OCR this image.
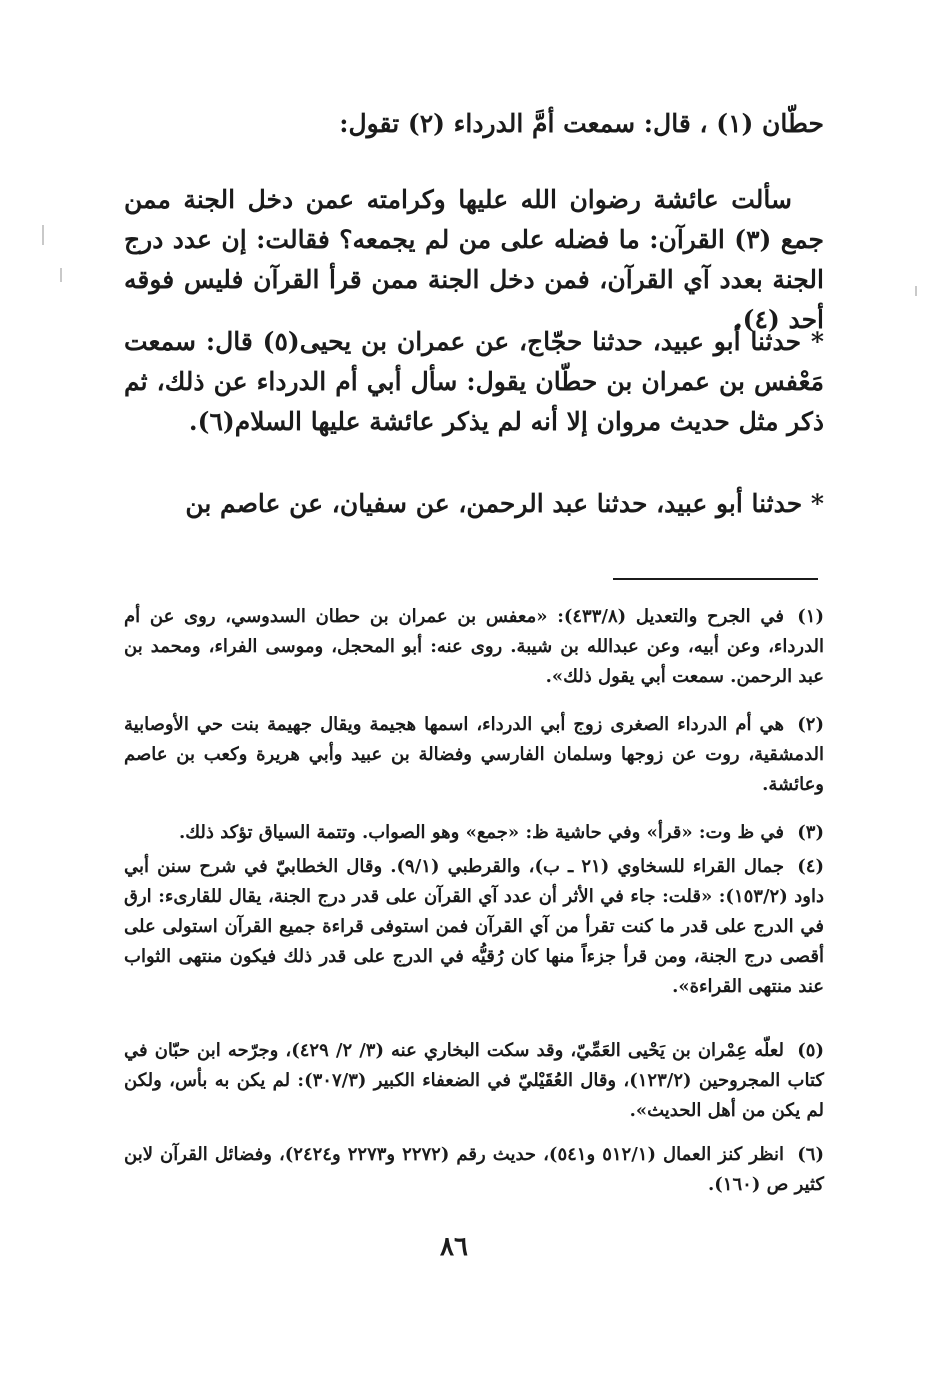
حطّان (١) ، قال: سمعت أمَّ الدرداء (٢) تقول:

سألت عائشة رضوان الله عليها وكرامته عمن دخل الجنة ممن جمع (٣) القرآن: ما فضله على من لم يجمعه؟ فقالت: إن عدد درج الجنة بعدد آي القرآن، فمن دخل الجنة ممن قرأ القرآن فليس فوقه أحد (٤).

* حدثنا أبو عبيد، حدثنا حجّاج، عن عمران بن يحيى(٥) قال: سمعت مَعْفس بن عمران بن حطّان يقول: سأل أبي أم الدرداء عن ذلك، ثم ذكر مثل حديث مروان إلا أنه لم يذكر عائشة عليها السلام(٦).

* حدثنا أبو عبيد، حدثنا عبد الرحمن، عن سفيان، عن عاصم بن

(١)في الجرح والتعديل (٤٣٣/٨): «معفس بن عمران بن حطان السدوسي، روى عن أم الدرداء، وعن أبيه، وعن عبدالله بن شيبة. روى عنه: أبو المحجل، وموسى الفراء، ومحمد بن عبد الرحمن. سمعت أبي يقول ذلك».
(٢)هي أم الدرداء الصغرى زوج أبي الدرداء، اسمها هجيمة ويقال جهيمة بنت حي الأوصابية الدمشقية، روت عن زوجها وسلمان الفارسي وفضالة بن عبيد وأبي هريرة وكعب بن عاصم وعائشة.
(٣)في ظ وت: «قرأ» وفي حاشية ظ: «جمع» وهو الصواب. وتتمة السياق تؤكد ذلك.
(٤)جمال القراء للسخاوي (٢١ ـ ب)، والقرطبي (٩/١). وقال الخطابيّ في شرح سنن أبي داود (١٥٣/٢): «قلت: جاء في الأثر أن عدد آي القرآن على قدر درج الجنة، يقال للقارىء: ارق في الدرج على قدر ما كنت تقرأ من آي القرآن فمن استوفى قراءة جميع القرآن استولى على أقصى درج الجنة، ومن قرأ جزءاً منها كان رُقيُّه في الدرج على قدر ذلك فيكون منتهى الثواب عند منتهى القراءة».
(٥)لعلّه عِمْران بن يَحْيى العَمِّيّ، وقد سكت البخاري عنه (٣/ ٢/ ٤٢٩)، وجرّحه ابن حبّان في كتاب المجروحين (١٢٣/٢)، وقال العُقَيْليّ في الضعفاء الكبير (٣٠٧/٣): لم يكن به بأس، ولكن لم يكن من أهل الحديث».
(٦)انظر كنز العمال (٥١٢/١ و٥٤١)، حديث رقم (٢٢٧٢ و٢٢٧٣ و٢٤٢٤)، وفضائل القرآن لابن كثير ص (١٦٠).
٨٦
